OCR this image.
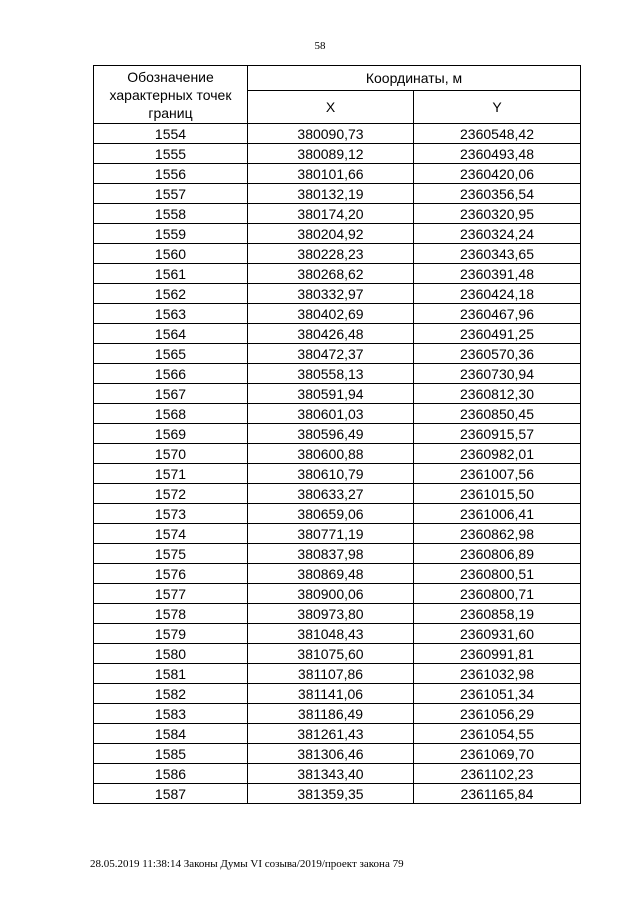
58
Обозначение характерных точек границ	Координаты, м	
	X	Y
1554	380090,73	2360548,42
1555	380089,12	2360493,48
1556	380101,66	2360420,06
1557	380132,19	2360356,54
1558	380174,20	2360320,95
1559	380204,92	2360324,24
1560	380228,23	2360343,65
1561	380268,62	2360391,48
1562	380332,97	2360424,18
1563	380402,69	2360467,96
1564	380426,48	2360491,25
1565	380472,37	2360570,36
1566	380558,13	2360730,94
1567	380591,94	2360812,30
1568	380601,03	2360850,45
1569	380596,49	2360915,57
1570	380600,88	2360982,01
1571	380610,79	2361007,56
1572	380633,27	2361015,50
1573	380659,06	2361006,41
1574	380771,19	2360862,98
1575	380837,98	2360806,89
1576	380869,48	2360800,51
1577	380900,06	2360800,71
1578	380973,80	2360858,19
1579	381048,43	2360931,60
1580	381075,60	2360991,81
1581	381107,86	2361032,98
1582	381141,06	2361051,34
1583	381186,49	2361056,29
1584	381261,43	2361054,55
1585	381306,46	2361069,70
1586	381343,40	2361102,23
1587	381359,35	2361165,84
28.05.2019 11:38:14 Законы Думы VI созыва/2019/проект закона 79
